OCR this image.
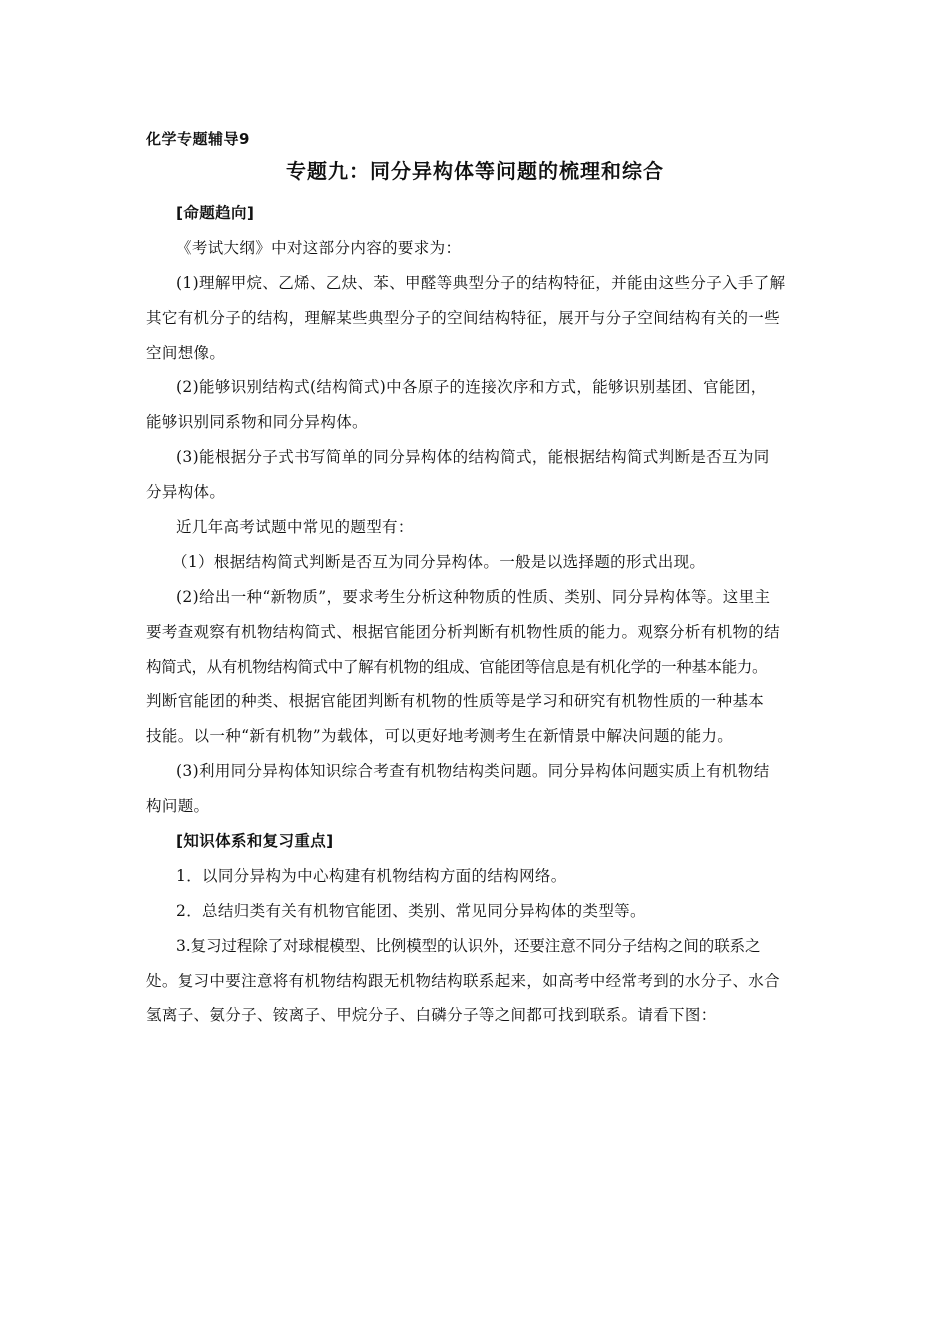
化学专题辅导9
专题九：同分异构体等问题的梳理和综合
[命题趋向]
《考试大纲》中对这部分内容的要求为：
(1)理解甲烷、乙烯、乙炔、苯、甲醛等典型分子的结构特征，并能由这些分子入手了解
其它有机分子的结构，理解某些典型分子的空间结构特征，展开与分子空间结构有关的一些
空间想像。
(2)能够识别结构式(结构简式)中各原子的连接次序和方式，能够识别基团、官能团，
能够识别同系物和同分异构体。
(3)能根据分子式书写简单的同分异构体的结构简式，能根据结构简式判断是否互为同
分异构体。
近几年高考试题中常见的题型有：
（1）根据结构简式判断是否互为同分异构体。一般是以选择题的形式出现。
(2)给出一种“新物质”，要求考生分析这种物质的性质、类别、同分异构体等。这里主
要考查观察有机物结构简式、根据官能团分析判断有机物性质的能力。观察分析有机物的结
构简式，从有机物结构简式中了解有机物的组成、官能团等信息是有机化学的一种基本能力。
判断官能团的种类、根据官能团判断有机物的性质等是学习和研究有机物性质的一种基本
技能。以一种“新有机物”为载体，可以更好地考测考生在新情景中解决问题的能力。
(3)利用同分异构体知识综合考查有机物结构类问题。同分异构体问题实质上有机物结
构问题。
[知识体系和复习重点]
1．以同分异构为中心构建有机物结构方面的结构网络。
2．总结归类有关有机物官能团、类别、常见同分异构体的类型等。
3.复习过程除了对球棍模型、比例模型的认识外，还要注意不同分子结构之间的联系之
处。复习中要注意将有机物结构跟无机物结构联系起来，如高考中经常考到的水分子、水合
氢离子、氨分子、铵离子、甲烷分子、白磷分子等之间都可找到联系。请看下图：
